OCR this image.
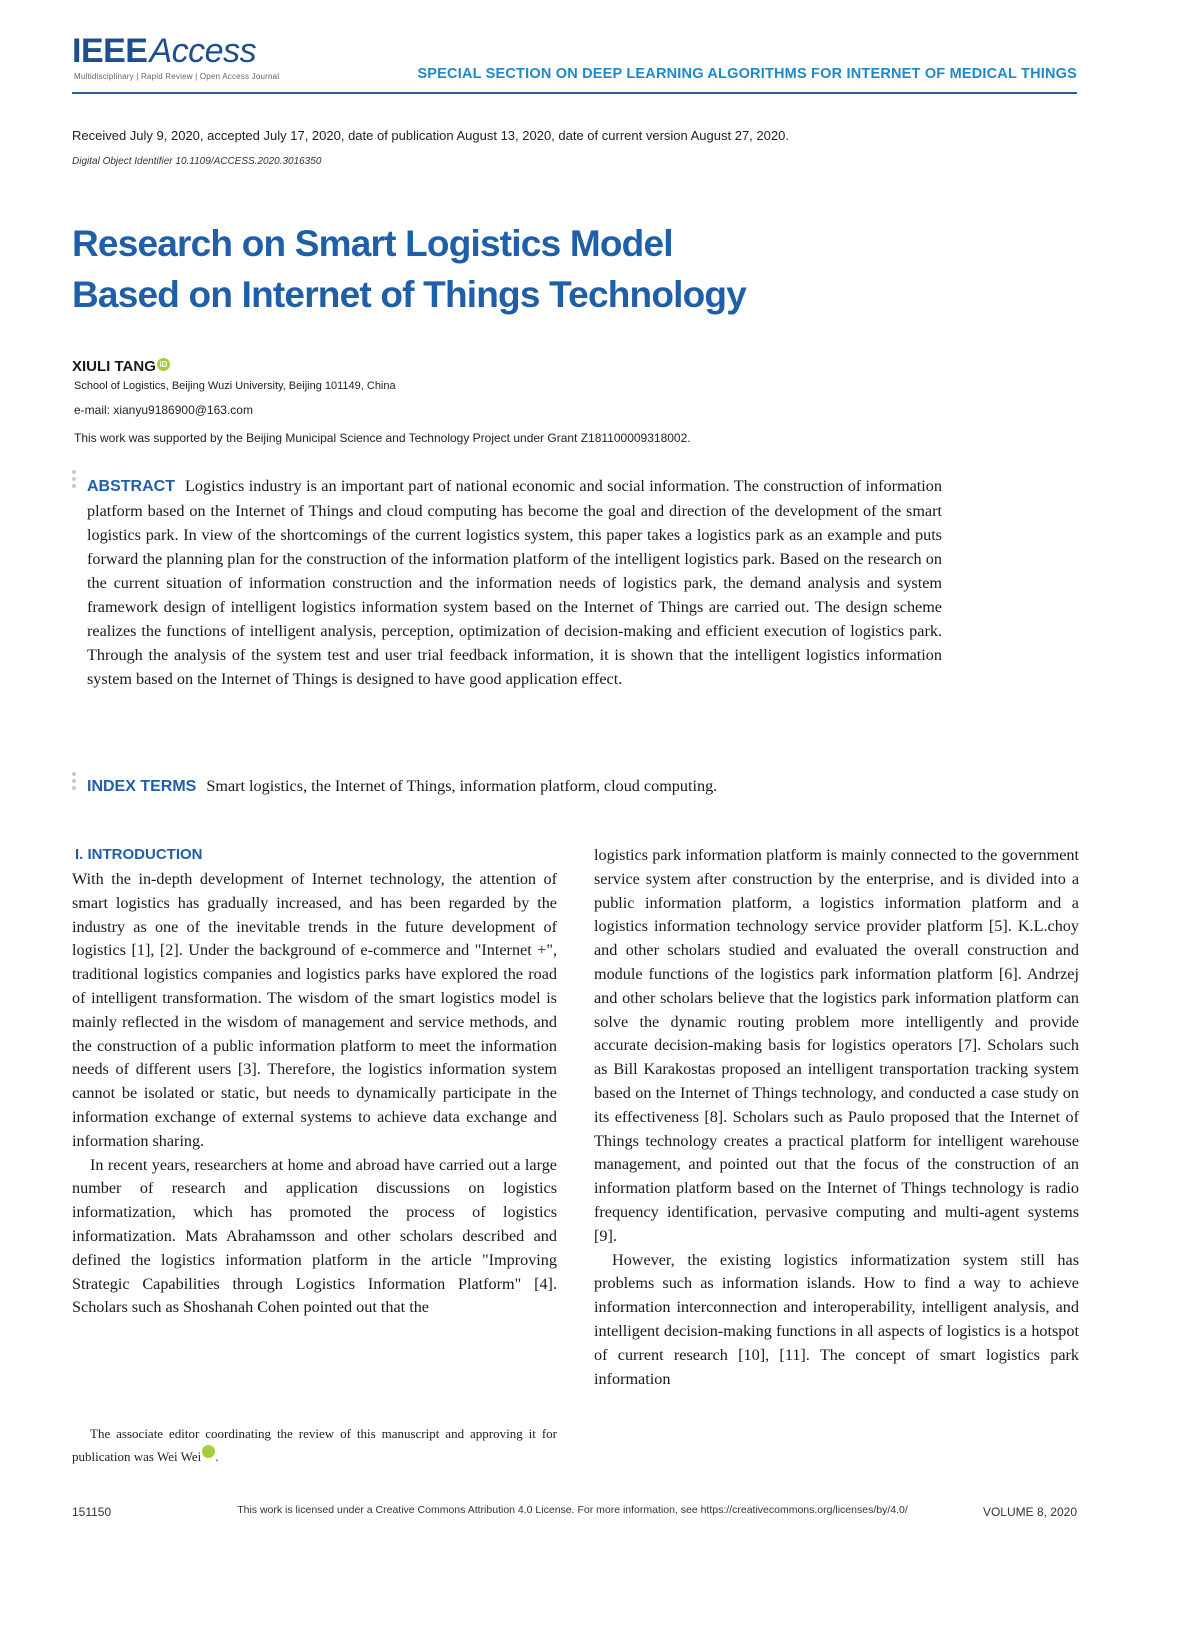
IEEEAccess
Multidisciplinary | Rapid Review | Open Access Journal	SPECIAL SECTION ON DEEP LEARNING ALGORITHMS FOR INTERNET OF MEDICAL THINGS
Received July 9, 2020, accepted July 17, 2020, date of publication August 13, 2020, date of current version August 27, 2020.
Digital Object Identifier 10.1109/ACCESS.2020.3016350
Research on Smart Logistics Model
Based on Internet of Things Technology
XIULI TANG iD
School of Logistics, Beijing Wuzi University, Beijing 101149, China
e-mail: xianyu9186900@163.com
This work was supported by the Beijing Municipal Science and Technology Project under Grant Z181100009318002.
ABSTRACT Logistics industry is an important part of national economic and social information. The construction of information platform based on the Internet of Things and cloud computing has become the goal and direction of the development of the smart logistics park. In view of the shortcomings of the current logistics system, this paper takes a logistics park as an example and puts forward the planning plan for the construction of the information platform of the intelligent logistics park. Based on the research on the current situation of information construction and the information needs of logistics park, the demand analysis and system framework design of intelligent logistics information system based on the Internet of Things are carried out. The design scheme realizes the functions of intelligent analysis, perception, optimization of decision-making and efficient execution of logistics park. Through the analysis of the system test and user trial feedback information, it is shown that the intelligent logistics information system based on the Internet of Things is designed to have good application effect.
INDEX TERMS Smart logistics, the Internet of Things, information platform, cloud computing.
I. INTRODUCTION

With the in-depth development of Internet technology, the attention of smart logistics has gradually increased, and has been regarded by the industry as one of the inevitable trends in the future development of logistics [1], [2]. Under the background of e-commerce and "Internet +", traditional logistics companies and logistics parks have explored the road of intelligent transformation. The wisdom of the smart logistics model is mainly reflected in the wisdom of management and service methods, and the construction of a public information platform to meet the information needs of different users [3]. Therefore, the logistics information system cannot be isolated or static, but needs to dynamically participate in the information exchange of external systems to achieve data exchange and information sharing.

In recent years, researchers at home and abroad have carried out a large number of research and application discussions on logistics informatization, which has promoted the process of logistics informatization. Mats Abrahamsson and other scholars described and defined the logistics information platform in the article "Improving Strategic Capabilities through Logistics Information Platform" [4]. Scholars such as Shoshanah Cohen pointed out that the

logistics park information platform is mainly connected to the government service system after construction by the enterprise, and is divided into a public information platform, a logistics information platform and a logistics information technology service provider platform [5]. K.L.choy and other scholars studied and evaluated the overall construction and module functions of the logistics park information platform [6]. Andrzej and other scholars believe that the logistics park information platform can solve the dynamic routing problem more intelligently and provide accurate decision-making basis for logistics operators [7]. Scholars such as Bill Karakostas proposed an intelligent transportation tracking system based on the Internet of Things technology, and conducted a case study on its effectiveness [8]. Scholars such as Paulo proposed that the Internet of Things technology creates a practical platform for intelligent warehouse management, and pointed out that the focus of the construction of an information platform based on the Internet of Things technology is radio frequency identification, pervasive computing and multi-agent systems [9].

However, the existing logistics informatization system still has problems such as information islands. How to find a way to achieve information interconnection and interoperability, intelligent analysis, and intelligent decision-making functions in all aspects of logistics is a hotspot of current research [10], [11]. The concept of smart logistics park information

The associate editor coordinating the review of this manuscript and approving it for publication was Wei Wei iD.

151150	This work is licensed under a Creative Commons Attribution 4.0 License. For more information, see https://creativecommons.org/licenses/by/4.0/	VOLUME 8, 2020
